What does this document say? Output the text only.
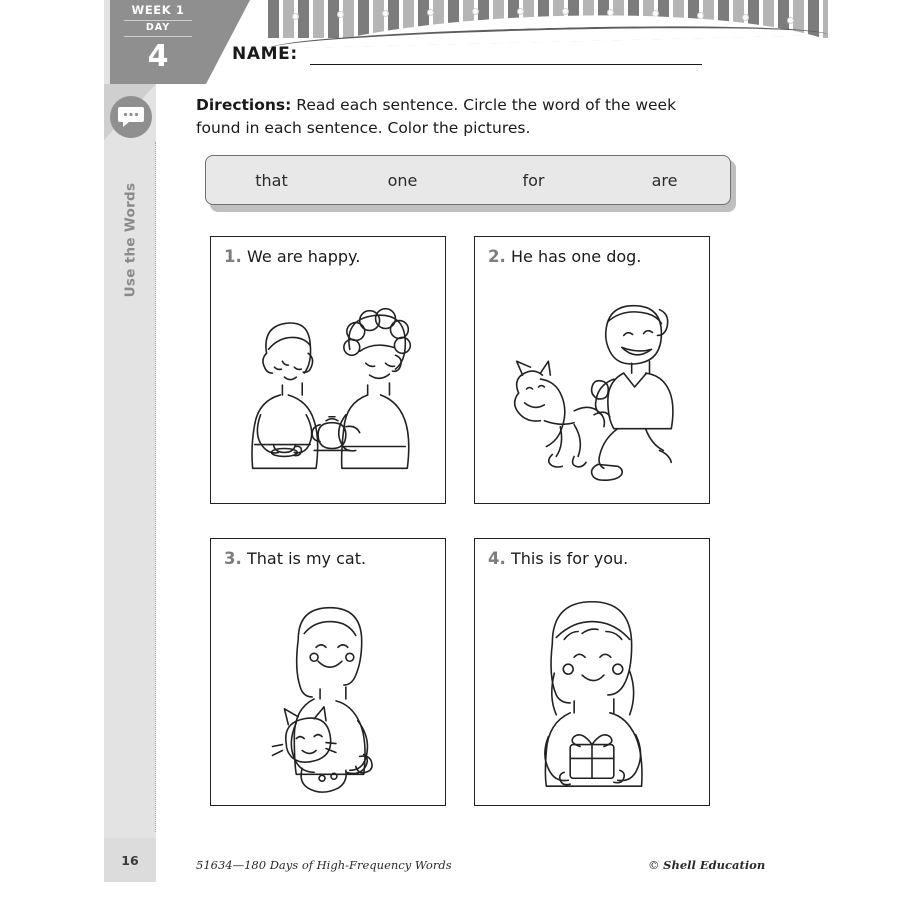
WEEK 1
DAY
4
Use the Words
NAME:
Directions: Read each sentence. Circle the word of the week found in each sentence. Color the pictures.
that	one	for	are
1. We are happy.	2. He has one dog.
3. That is my cat.	4. This is for you.
16	51634—180 Days of High-Frequency Words	© Shell Education
